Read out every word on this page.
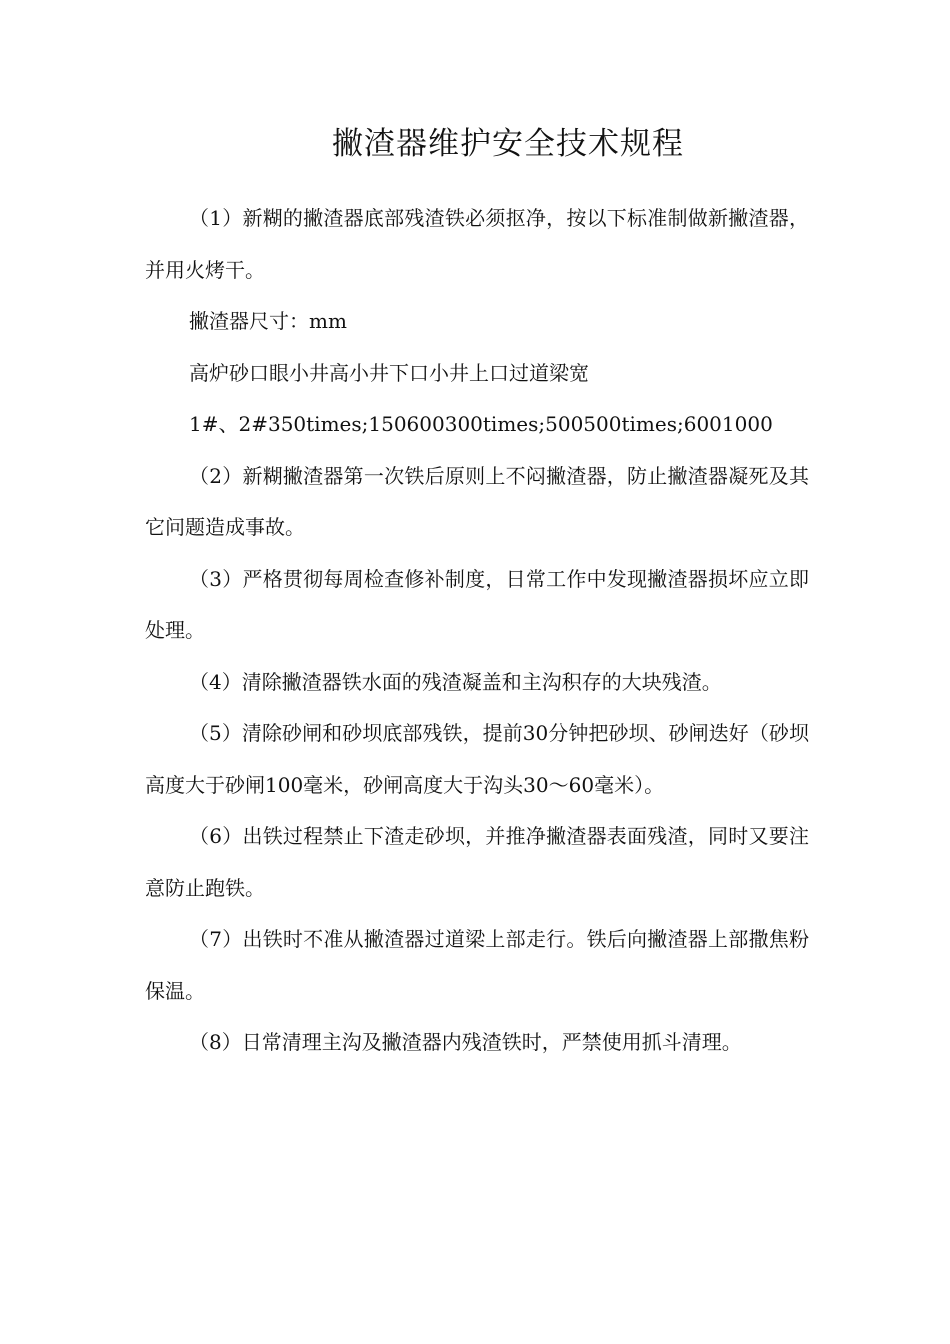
撇渣器维护安全技术规程

（1）新糊的撇渣器底部残渣铁必须抠净，按以下标准制做新撇渣器，并用火烤干。

撇渣器尺寸：mm

高炉砂口眼小井高小井下口小井上口过道梁宽

1#、2#350times;150600300times;500500times;6001000

（2）新糊撇渣器第一次铁后原则上不闷撇渣器，防止撇渣器凝死及其它问题造成事故。

（3）严格贯彻每周检查修补制度，日常工作中发现撇渣器损坏应立即处理。

（4）清除撇渣器铁水面的残渣凝盖和主沟积存的大块残渣。

（5）清除砂闸和砂坝底部残铁，提前30分钟把砂坝、砂闸迭好（砂坝高度大于砂闸100毫米，砂闸高度大于沟头30～60毫米）。

（6）出铁过程禁止下渣走砂坝，并推净撇渣器表面残渣，同时又要注意防止跑铁。

（7）出铁时不准从撇渣器过道梁上部走行。铁后向撇渣器上部撒焦粉保温。

（8）日常清理主沟及撇渣器内残渣铁时，严禁使用抓斗清理。
